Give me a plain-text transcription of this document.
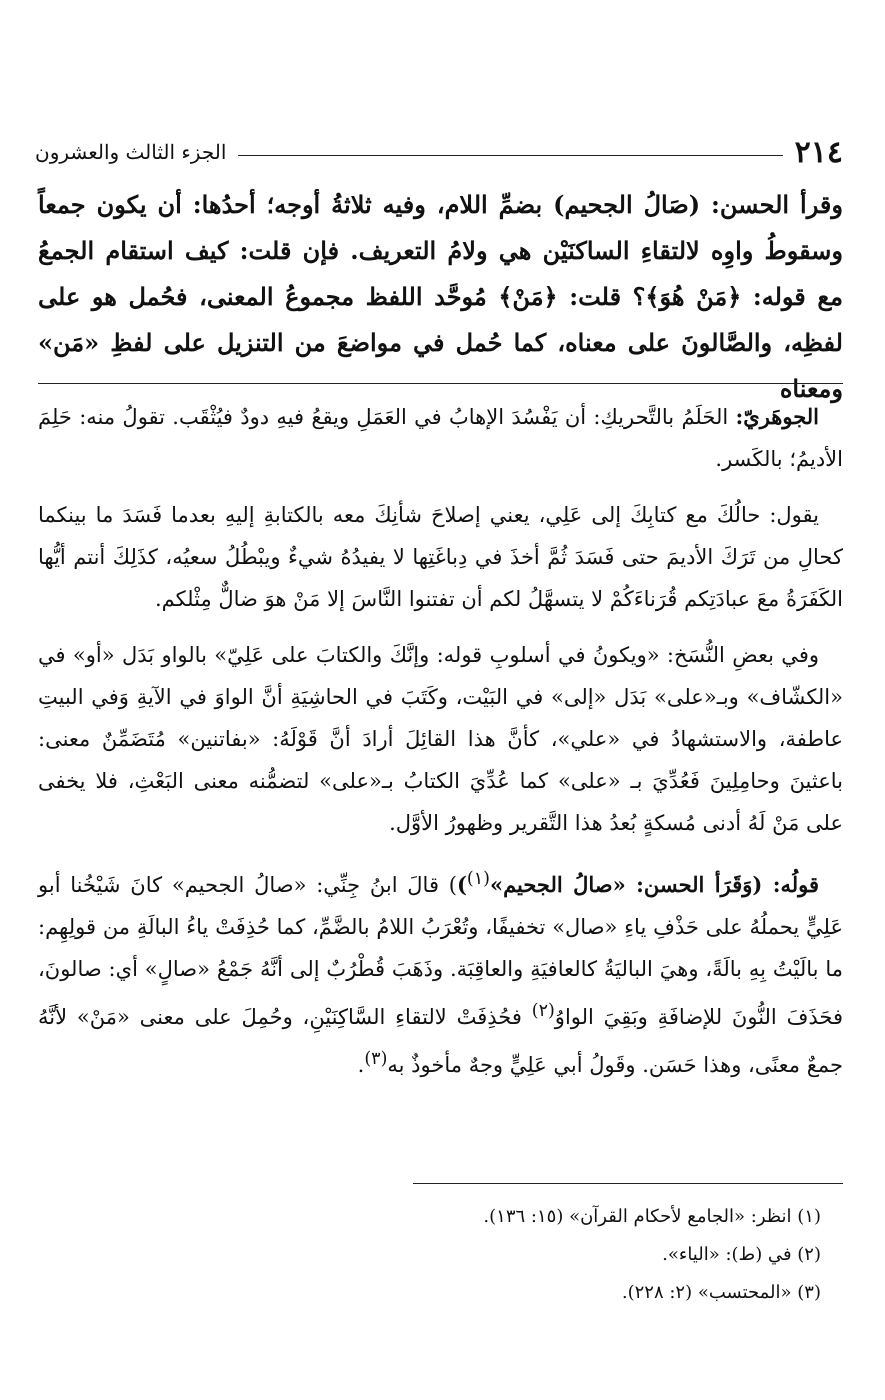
٢١٤
الجزء الثالث والعشرون

وقرأ الحسن: (صَالُ الجحيم) بضمِّ اللام، وفيه ثلاثةُ أوجه؛ أحدُها: أن يكون جمعاً وسقوطُ واوِه لالتقاءِ الساكنَيْن هي ولامُ التعريف. فإن قلت: كيف استقام الجمعُ مع قوله: ﴿مَنْ هُوَ﴾؟ قلت: ﴿مَنْ﴾ مُوحَّد اللفظ مجموعُ المعنى، فحُمل هو على لفظِه، والصَّالونَ على معناه، كما حُمل في مواضعَ من التنزيل على لفظِ «مَن» ومعناه

الجوهَريّ: الحَلَمُ بالتَّحريكِ: أن يَفْسُدَ الإهابُ في العَمَلِ ويقعُ فيهِ دودٌ فيُثْقَب. تقولُ منه: حَلِمَ الأديمُ؛ بالكَسر.

يقول: حالُكَ مع كتابِكَ إلى عَلِي، يعني إصلاحَ شأنِكَ معه بالكتابةِ إليهِ بعدما فَسَدَ ما بينكما كحالِ من تَرَكَ الأديمَ حتى فَسَدَ ثُمَّ أخذَ في دِباغَتِها لا يفيدُهُ شيءٌ ويبْطُلُ سعيُه، كذَلِكَ أنتم أيُّها الكَفَرَةُ معَ عبادَتِكم قُرَناءَكُمْ لا يتسهَّلُ لكم أن تفتنوا النَّاسَ إلا مَنْ هوَ ضالٌّ مِثْلكم.

وفي بعضِ النُّسَخ: «ويكونُ في أسلوبِ قوله: وإنَّكَ والكتابَ على عَلِيّ» بالواو بَدَل «أو» في «الكشّاف» وبـ«على» بَدَل «إلى» في البَيْت، وكَتَبَ في الحاشِيَةِ أنَّ الواوَ في الآيةِ وَفي البيتِ عاطفة، والاستشهادُ في «علي»، كأنَّ هذا القائِلَ أرادَ أنَّ قَوْلَهُ: «بفاتنين» مُتَضَمِّنٌ معنى: باعثينَ وحامِلِينَ فَعُدِّيَ بـ «على» كما عُدِّيَ الكتابُ بـ«على» لتضمُّنه معنى البَعْثِ، فلا يخفى على مَنْ لَهُ أدنى مُسكةٍ بُعدُ هذا التَّقرير وظهورُ الأوَّل.

قولُه: (وَقَرَأ الحسن: «صالُ الجحيم»$^{(١)}$)) قالَ ابنُ جِنِّي: «صالُ الجحيم» كانَ شَيْخُنا أبو عَلِيٍّ يحملُهُ على حَذْفِ ياءِ «صال» تخفيفًا، وتُعْرَبُ اللامُ بالضَّمِّ، كما حُذِفَتْ ياءُ البالَةِ من قولِهِم: ما بالَيْتُ بِهِ بالَةً، وهيَ الباليَةُ كالعافيَةِ والعاقِبَة. وذَهَبَ قُطْرُبٌ إلى أنَّهُ جَمْعُ «صالٍ» أي: صالونَ، فحَذَفَ النُّونَ للإضافَةِ وبَقِيَ الواوُ$^{(٢)}$ فحُذِفَتْ لالتقاءِ السَّاكِنَيْنِ، وحُمِلَ على معنى «مَنْ» لأنَّهُ جمعٌ معنًى، وهذا حَسَن. وقَولُ أبي عَلِيٍّ وجهٌ مأخوذٌ به$^{(٣)}$.

(١) انظر: «الجامع لأحكام القرآن» (١٥: ١٣٦).
(٢) في (ط): «الياء».
(٣) «المحتسب» (٢: ٢٢٨).
